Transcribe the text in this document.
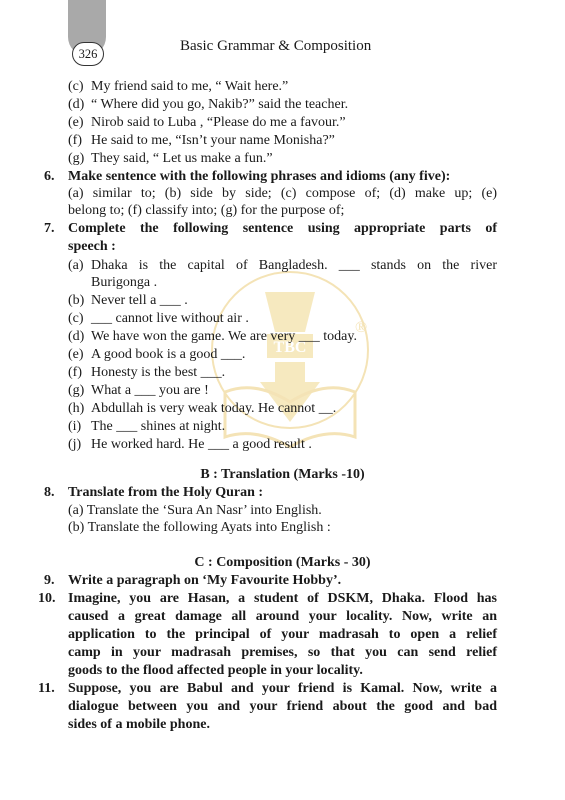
326	Basic Grammar & Composition
TBC
®
(c) My friend said to me, “ Wait here.”
(d) “ Where did you go, Nakib?” said the teacher.
(e) Nirob said to Luba , “Please do me a favour.”
(f) He said to me, “Isn’t your name Monisha?”
(g) They said, “ Let us make a fun.”
6. Make sentence with the following phrases and idioms (any five):
(a) similar to; (b) side by side; (c) compose of; (d) make up; (e)
belong to; (f) classify into; (g) for the purpose of;
7. Complete the following sentence using appropriate parts of
speech :
(a) Dhaka is the capital of Bangladesh. ___ stands on the river
Burigonga .
(b) Never tell a ___ .
(c) ___ cannot live without air .
(d) We have won the game. We are very ___ today.
(e) A good book is a good ___.
(f) Honesty is the best ___.
(g) What a ___ you are !
(h) Abdullah is very weak today. He cannot __.
(i) The ___ shines at night.
(j) He worked hard. He ___ a good result .
B : Translation (Marks -10)
8. Translate from the Holy Quran :
(a) Translate the ‘Sura An Nasr’ into English.
(b) Translate the following Ayats into English :
C : Composition (Marks - 30)
9. Write a paragraph on ‘My Favourite Hobby’.
10. Imagine, you are Hasan, a student of DSKM, Dhaka. Flood has
caused a great damage all around your locality. Now, write an
application to the principal of your madrasah to open a relief
camp in your madrasah premises, so that you can send relief
goods to the flood affected people in your locality.
11. Suppose, you are Babul and your friend is Kamal. Now, write a
dialogue between you and your friend about the good and bad
sides of a mobile phone.
